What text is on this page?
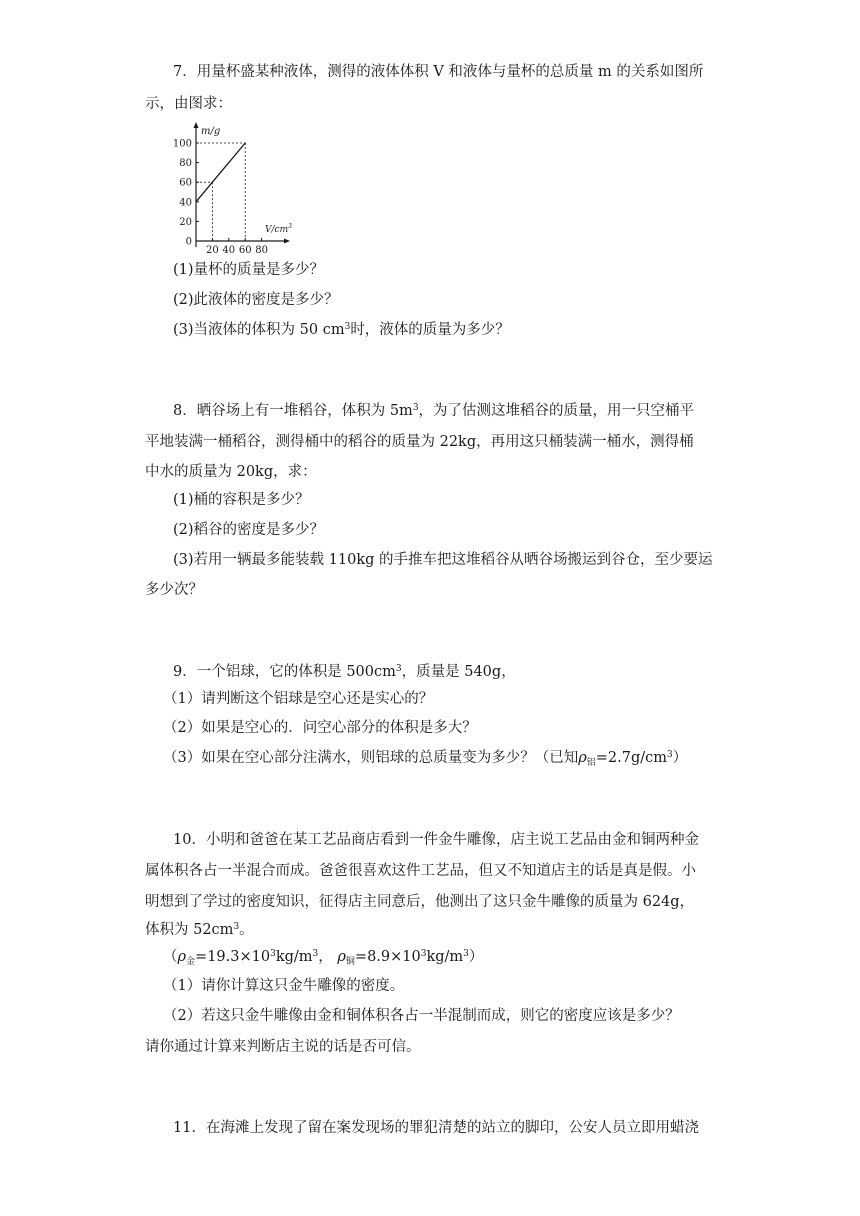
7．用量杯盛某种液体，测得的液体体积 V 和液体与量杯的总质量 m 的关系如图所
示，由图求：
m/g
$V/cm^3$
100
80
60
40
20
0
20 40 60 80
(1)量杯的质量是多少？
(2)此液体的密度是多少？
(3)当液体的体积为 50 $cm^3$时，液体的质量为多少？
8．晒谷场上有一堆稻谷，体积为 $5m^3$，为了估测这堆稻谷的质量，用一只空桶平
平地装满一桶稻谷，测得桶中的稻谷的质量为 22kg，再用这只桶装满一桶水，测得桶
中水的质量为 20kg，求：
(1)桶的容积是多少？
(2)稻谷的密度是多少？
(3)若用一辆最多能装载 110kg 的手推车把这堆稻谷从晒谷场搬运到谷仓，至少要运
多少次？
9．一个铝球，它的体积是 $500cm^3$，质量是 540g，
（1）请判断这个铝球是空心还是实心的？
（2）如果是空心的．问空心部分的体积是多大？
（3）如果在空心部分注满水，则铝球的总质量变为多少？（已知$\rho_铝=2.7g/cm^3$）
10．小明和爸爸在某工艺品商店看到一件金牛雕像，店主说工艺品由金和铜两种金
属体积各占一半混合而成。爸爸很喜欢这件工艺品，但又不知道店主的话是真是假。小
明想到了学过的密度知识，征得店主同意后，他测出了这只金牛雕像的质量为 624g，
体积为 $52cm^3$。
（$\rho_金=19.3\times 10^3kg/m^3$， $\rho_铜=8.9\times 10^3kg/m^3$）
（1）请你计算这只金牛雕像的密度。
（2）若这只金牛雕像由金和铜体积各占一半混制而成，则它的密度应该是多少？
请你通过计算来判断店主说的话是否可信。
11．在海滩上发现了留在案发现场的罪犯清楚的站立的脚印，公安人员立即用蜡浇
